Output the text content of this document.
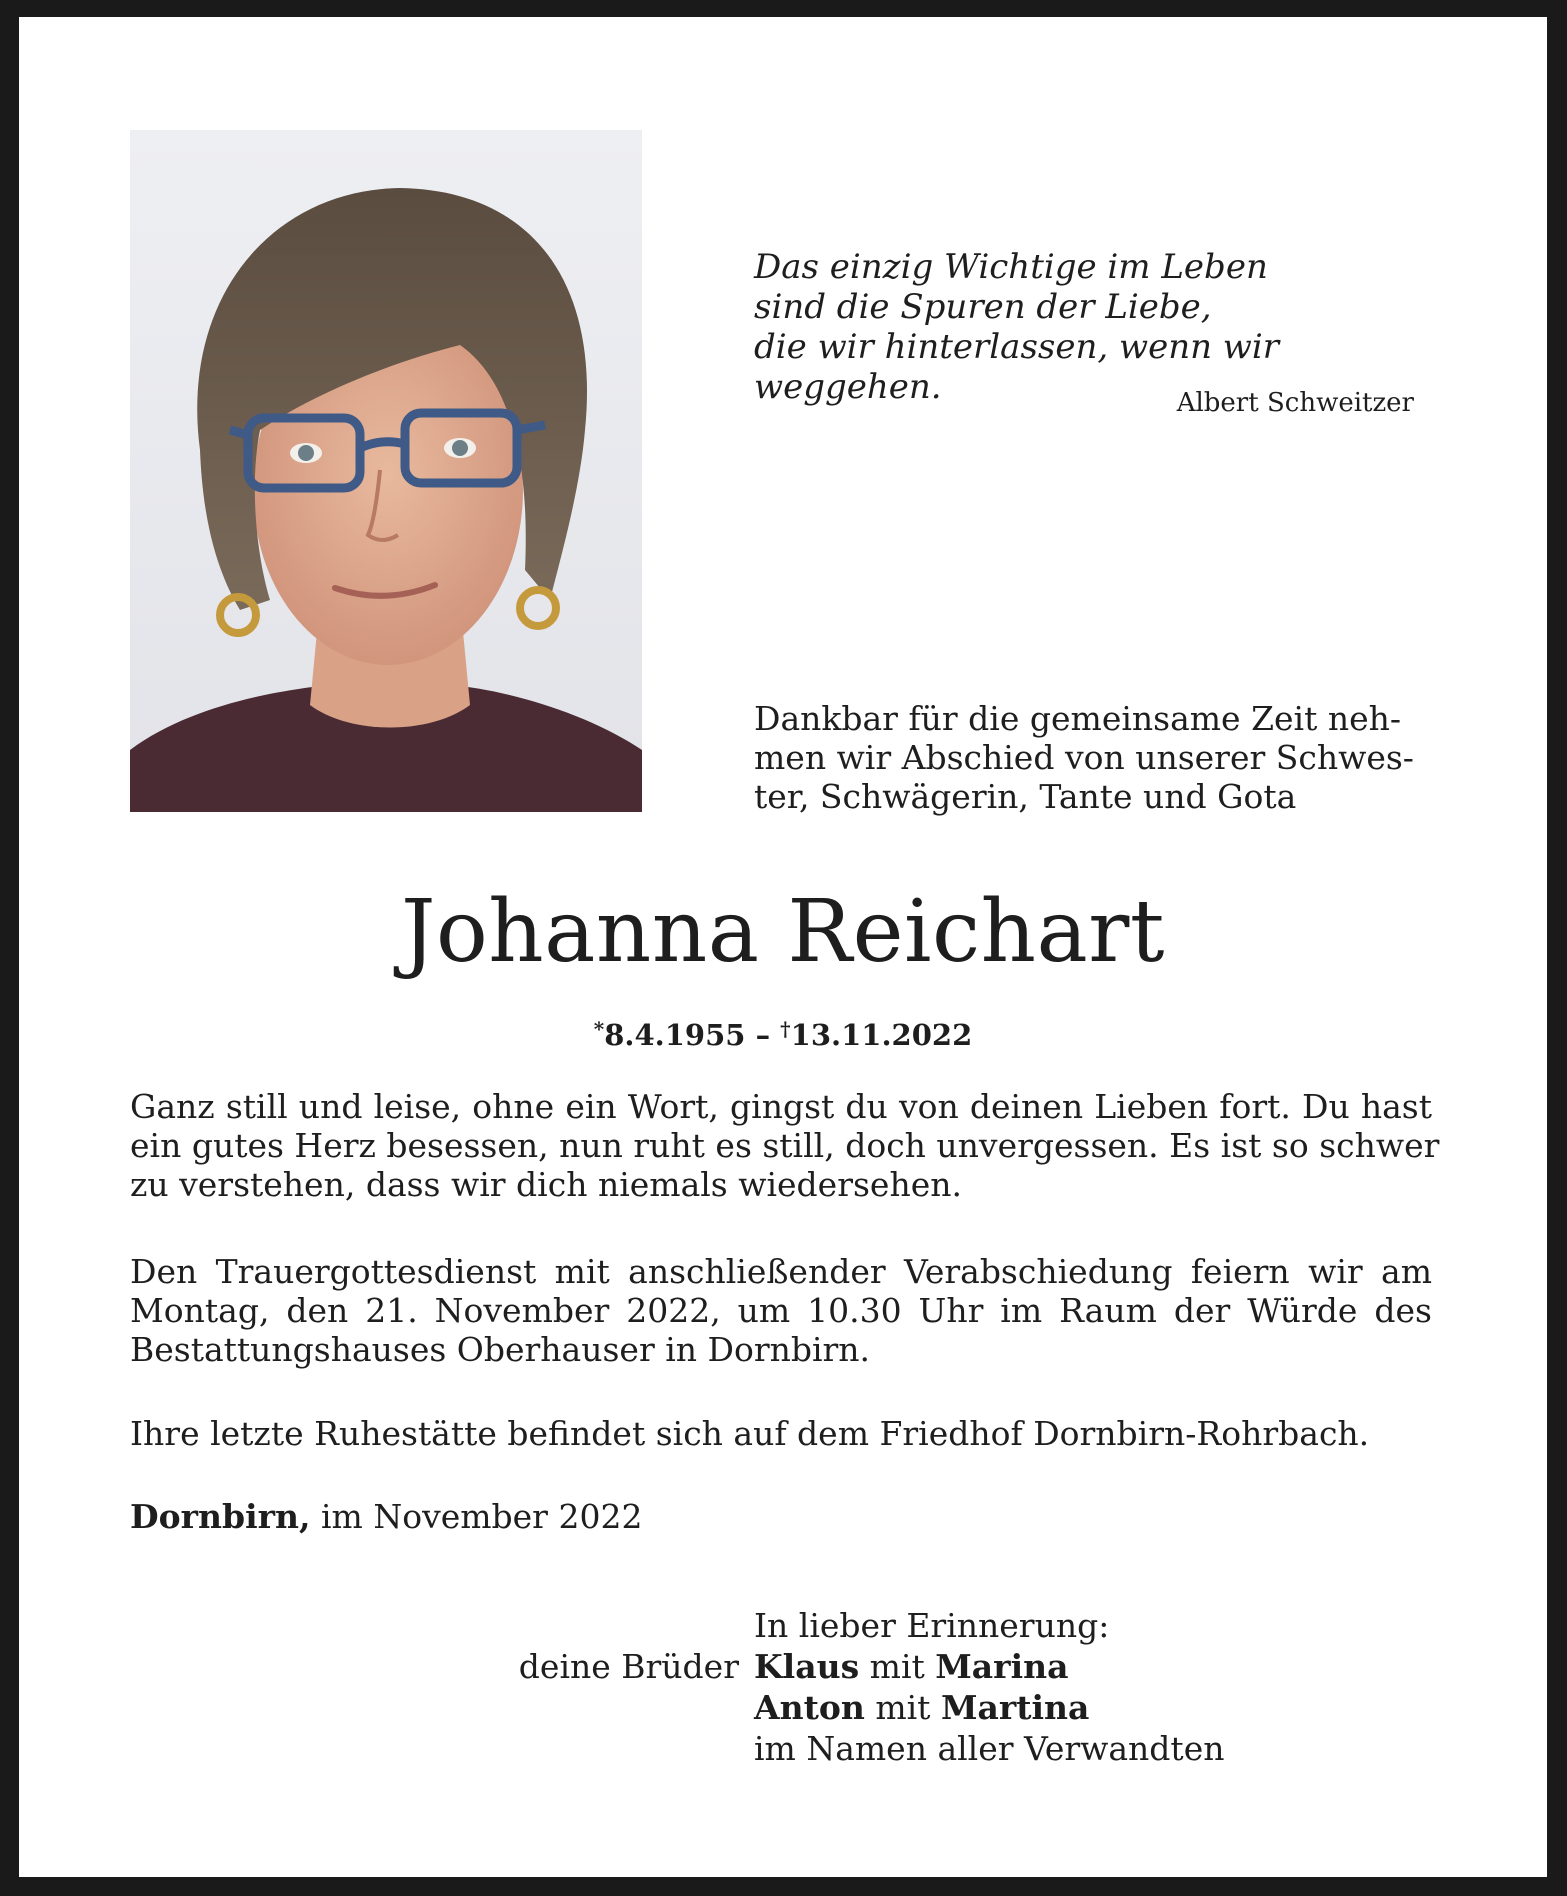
Das einzig Wichtige im Leben
sind die Spuren der Liebe,
die wir hinterlassen, wenn wir weggehen.	Albert Schweitzer
Dankbar für die gemeinsame Zeit neh-
men wir Abschied von unserer Schwes-
ter, Schwägerin, Tante und Gota
Johanna Reichart
*8.4.1955 – †13.11.2022
Ganz still und leise, ohne ein Wort, gingst du von deinen Lieben fort. Du hast
ein gutes Herz besessen, nun ruht es still, doch unvergessen. Es ist so schwer
zu verstehen, dass wir dich niemals wiedersehen.
Den Trauergottesdienst mit anschließender Verabschiedung feiern wir am
Montag, den 21. November 2022, um 10.30 Uhr im Raum der Würde des
Bestattungshauses Oberhauser in Dornbirn.
Ihre letzte Ruhestätte befindet sich auf dem Friedhof Dornbirn-Rohrbach.
Dornbirn, im November 2022
deine Brüder
In lieber Erinnerung:
Klaus mit Marina
Anton mit Martina
im Namen aller Verwandten
